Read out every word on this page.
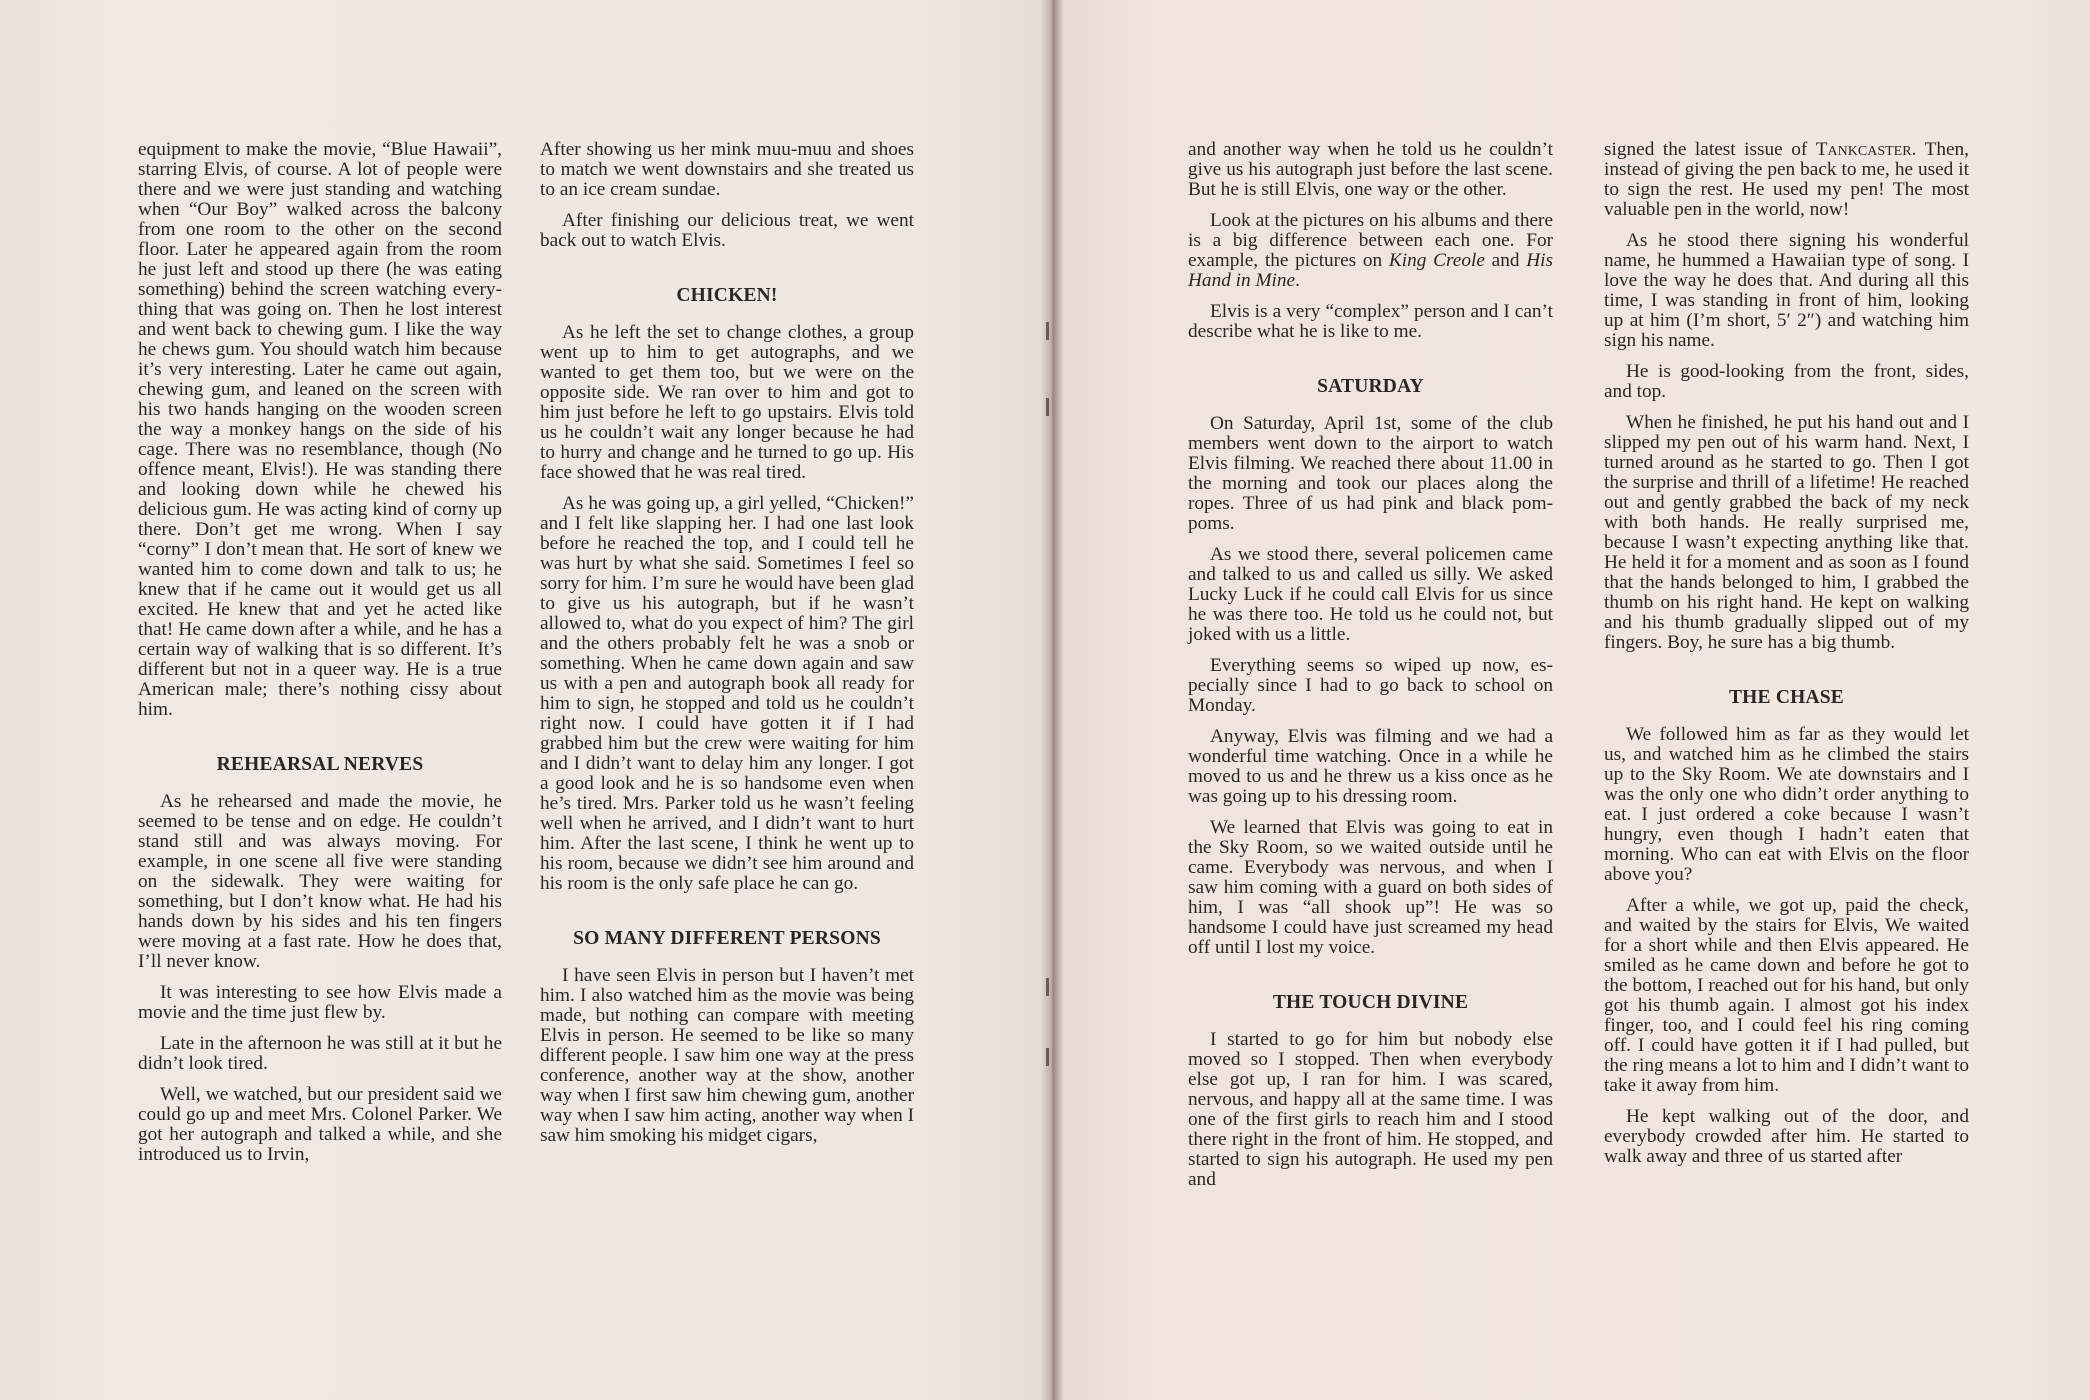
equipment to make the movie, “Blue Hawaii”, starring Elvis, of course. A lot of people were there and we were just standing and watching when “Our Boy” walked across the balcony from one room to the other on the second floor. Later he appeared again from the room he just left and stood up there (he was eating something) behind the screen watching everything that was going on. Then he lost interest and went back to chewing gum. I like the way he chews gum. You should watch him because it’s very interesting. Later he came out again, chewing gum, and leaned on the screen with his two hands hanging on the wooden screen the way a monkey hangs on the side of his cage. There was no resemblance, though (No offence meant, Elvis!). He was standing there and looking down while he chewed his delicious gum. He was acting kind of corny up there. Don’t get me wrong. When I say “corny” I don’t mean that. He sort of knew we wanted him to come down and talk to us; he knew that if he came out it would get us all excited. He knew that and yet he acted like that! He came down after a while, and he has a certain way of walking that is so different. It’s different but not in a queer way. He is a true American male; there’s nothing cissy about him.

REHEARSAL NERVES

As he rehearsed and made the movie, he seemed to be tense and on edge. He couldn’t stand still and was always moving. For example, in one scene all five were standing on the sidewalk. They were waiting for something, but I don’t know what. He had his hands down by his sides and his ten fingers were moving at a fast rate. How he does that, I’ll never know.

It was interesting to see how Elvis made a movie and the time just flew by.

Late in the afternoon he was still at it but he didn’t look tired.

Well, we watched, but our president said we could go up and meet Mrs. Colonel Parker. We got her autograph and talked a while, and she introduced us to Irvin,

After showing us her mink muu-muu and shoes to match we went downstairs and she treated us to an ice cream sundae.

After finishing our delicious treat, we went back out to watch Elvis.

CHICKEN!

As he left the set to change clothes, a group went up to him to get autographs, and we wanted to get them too, but we were on the opposite side. We ran over to him and got to him just before he left to go upstairs. Elvis told us he couldn’t wait any longer because he had to hurry and change and he turned to go up. His face showed that he was real tired.

As he was going up, a girl yelled, “Chicken!” and I felt like slapping her. I had one last look before he reached the top, and I could tell he was hurt by what she said. Sometimes I feel so sorry for him. I’m sure he would have been glad to give us his autograph, but if he wasn’t allowed to, what do you expect of him? The girl and the others probably felt he was a snob or something. When he came down again and saw us with a pen and autograph book all ready for him to sign, he stopped and told us he couldn’t right now. I could have gotten it if I had grabbed him but the crew were waiting for him and I didn’t want to delay him any longer. I got a good look and he is so handsome even when he’s tired. Mrs. Parker told us he wasn’t feeling well when he arrived, and I didn’t want to hurt him. After the last scene, I think he went up to his room, because we didn’t see him around and his room is the only safe place he can go.

SO MANY DIFFERENT PERSONS

I have seen Elvis in person but I haven’t met him. I also watched him as the movie was being made, but nothing can compare with meeting Elvis in person. He seemed to be like so many different people. I saw him one way at the press conference, another way at the show, another way when I first saw him chewing gum, another way when I saw him acting, another way when I saw him smoking his midget cigars,

and another way when he told us he couldn’t give us his autograph just before the last scene. But he is still Elvis, one way or the other.

Look at the pictures on his albums and there is a big difference between each one. For example, the pictures on King Creole and His Hand in Mine.

Elvis is a very “complex” person and I can’t describe what he is like to me.

SATURDAY

On Saturday, April 1st, some of the club members went down to the airport to watch Elvis filming. We reached there about 11.00 in the morning and took our places along the ropes. Three of us had pink and black pom-poms.

As we stood there, several policemen came and talked to us and called us silly. We asked Lucky Luck if he could call Elvis for us since he was there too. He told us he could not, but joked with us a little.

Everything seems so wiped up now, especially since I had to go back to school on Monday.

Anyway, Elvis was filming and we had a wonderful time watching. Once in a while he moved to us and he threw us a kiss once as he was going up to his dressing room.

We learned that Elvis was going to eat in the Sky Room, so we waited outside until he came. Everybody was nervous, and when I saw him coming with a guard on both sides of him, I was “all shook up”! He was so handsome I could have just screamed my head off until I lost my voice.

THE TOUCH DIVINE

I started to go for him but nobody else moved so I stopped. Then when everybody else got up, I ran for him. I was scared, nervous, and happy all at the same time. I was one of the first girls to reach him and I stood there right in the front of him. He stopped, and started to sign his autograph. He used my pen and

signed the latest issue of Tankcaster. Then, instead of giving the pen back to me, he used it to sign the rest. He used my pen! The most valuable pen in the world, now!

As he stood there signing his wonderful name, he hummed a Hawaiian type of song. I love the way he does that. And during all this time, I was standing in front of him, looking up at him (I’m short, 5′ 2″) and watching him sign his name.

He is good-looking from the front, sides, and top.

When he finished, he put his hand out and I slipped my pen out of his warm hand. Next, I turned around as he started to go. Then I got the surprise and thrill of a lifetime! He reached out and gently grabbed the back of my neck with both hands. He really surprised me, because I wasn’t expecting anything like that. He held it for a moment and as soon as I found that the hands belonged to him, I grabbed the thumb on his right hand. He kept on walking and his thumb gradually slipped out of my fingers. Boy, he sure has a big thumb.

THE CHASE

We followed him as far as they would let us, and watched him as he climbed the stairs up to the Sky Room. We ate downstairs and I was the only one who didn’t order anything to eat. I just ordered a coke because I wasn’t hungry, even though I hadn’t eaten that morning. Who can eat with Elvis on the floor above you?

After a while, we got up, paid the check, and waited by the stairs for Elvis, We waited for a short while and then Elvis appeared. He smiled as he came down and before he got to the bottom, I reached out for his hand, but only got his thumb again. I almost got his index finger, too, and I could feel his ring coming off. I could have gotten it if I had pulled, but the ring means a lot to him and I didn’t want to take it away from him.

He kept walking out of the door, and everybody crowded after him. He started to walk away and three of us started after
